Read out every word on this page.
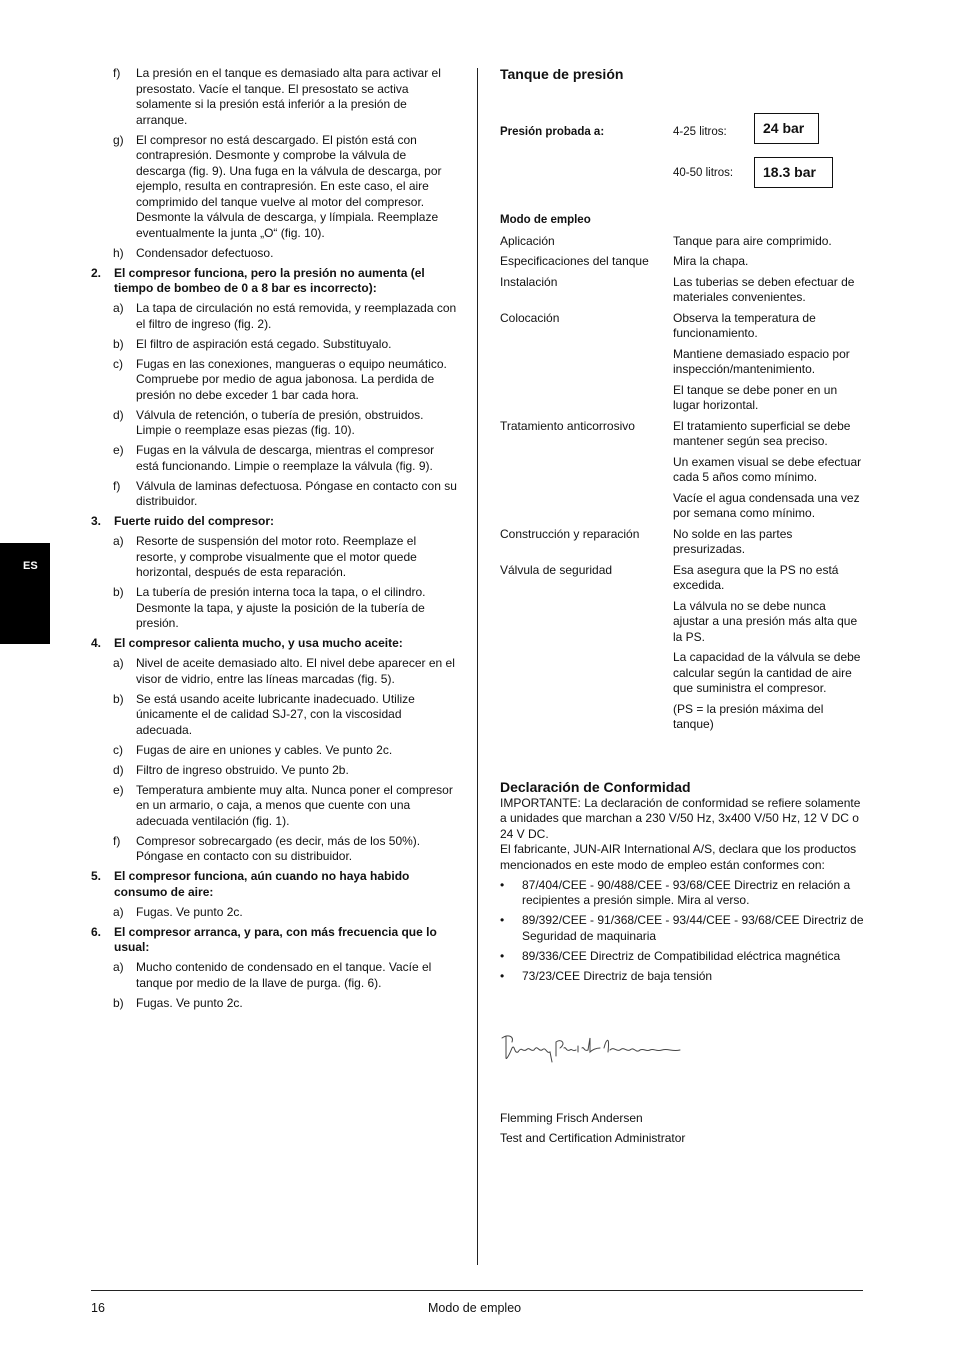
ES
f)	La presión en el tanque es demasiado alta para activar el presostato. Vacíe el tanque. El presostato se activa solamente si la presión está inferiór a la presión de arranque.
g)	El compresor no está descargado. El pistón está con contrapresión. Desmonte y comprobe la válvula de descarga (fig. 9). Una fuga en la válvula de descarga, por ejemplo, resulta en contrapresión. En este caso, el aire comprimido del tanque vuelve al motor del compresor. Desmonte la válvula de descarga, y límpiala. Reemplaze eventualmente la junta „O“ (fig. 10).
h)	Condensador defectuoso.
2.	El compresor funciona, pero la presión no aumenta (el tiempo de bombeo de 0 a 8 bar es incorrecto):
a)	La tapa de circulación no está removida, y reemplazada con el filtro de ingreso (fig. 2).
b)	El filtro de aspiración está cegado. Substituyalo.
c)	Fugas en las conexiones, mangueras o equipo neumático. Compruebe por medio de agua jabonosa. La perdida de presión no debe exceder 1 bar cada hora.
d)	Válvula de retención, o tubería de presión, obstruidos. Limpie o reemplaze esas piezas (fig. 10).
e)	Fugas en la válvula de descarga, mientras el compresor está funcionando. Limpie o reemplaze la válvula (fig. 9).
f)	Válvula de laminas defectuosa. Póngase en contacto con su distribuidor.
3.	Fuerte ruido del compresor:
a)	Resorte de suspensión del motor roto. Reemplaze el resorte, y comprobe visualmente que el motor quede horizontal, después de esta reparación.
b)	La tubería de presión interna toca la tapa, o el cilindro. Desmonte la tapa, y ajuste la posición de la tubería de presión.
4.	El compresor calienta mucho, y usa mucho aceite:
a)	Nivel de aceite demasiado alto. El nivel debe aparecer en el visor de vidrio, entre las líneas marcadas (fig. 5).
b)	Se está usando aceite lubricante inadecuado. Utilize únicamente el de calidad SJ-27, con la viscosidad adecuada.
c)	Fugas de aire en uniones y cables. Ve punto 2c.
d)	Filtro de ingreso obstruido. Ve punto 2b.
e)	Temperatura ambiente muy alta. Nunca poner el compresor en un armario, o caja, a menos que cuente con una adecuada ventilación (fig. 1).
f)	Compresor sobrecargado (es decir, más de los 50%). Póngase en contacto con su distribuidor.
5.	El compresor funciona, aún cuando no haya habido consumo de aire:
a)	Fugas. Ve punto 2c.
6.	El compresor arranca, y para, con más frecuencia que lo usual:
a)	Mucho contenido de condensado en el tanque. Vacíe el tanque por medio de la llave de purga. (fig. 6).
b)	Fugas. Ve punto 2c.
Tanque de presión
Presión probada a:	4-25 litros:	24 bar
40-50 litros:	18.3 bar
Modo de empleo
Aplicación	Tanque para aire comprimido.

Especificaciones del tanque	Mira la chapa.

Instalación	Las tuberias se deben efectuar de materiales convenientes.

Colocación	Observa la temperatura de funcionamiento.

Mantiene demasiado espacio por inspección/mantenimiento.

El tanque se debe poner en un lugar horizontal.

Tratamiento anticorrosivo	El tratamiento superficial se debe mantener según sea preciso.

Un examen visual se debe efectuar cada 5 años como mínimo.

Vacíe el agua condensada una vez por semana como mínimo.

Construcción y reparación	No solde en las partes presurizadas.

Válvula de seguridad	Esa asegura que la PS no está excedida.

La válvula no se debe nunca ajustar a una presión más alta que la PS.

La capacidad de la válvula se debe calcular según la cantidad de aire que suministra el compresor.

(PS = la presión máxima del tanque)

Declaración de Conformidad

IMPORTANTE: La declaración de conformidad se refiere solamente a unidades que marchan a 230 V/50 Hz, 3x400 V/50 Hz, 12 V DC o 24 V DC.

El fabricante, JUN-AIR International A/S, declara que los productos mencionados en este modo de empleo están conformes con:

•	87/404/CEE - 90/488/CEE - 93/68/CEE Directriz en relación a recipientes a presión simple. Mira al verso.
•	89/392/CEE - 91/368/CEE - 93/44/CEE - 93/68/CEE Directriz de Seguridad de maquinaria
•	89/336/CEE Directriz de Compatibilidad eléctrica magnética
•	73/23/CEE Directriz de baja tensión

Flemming Frisch Andersen

Test and Certification Administrator

16	Modo de empleo
